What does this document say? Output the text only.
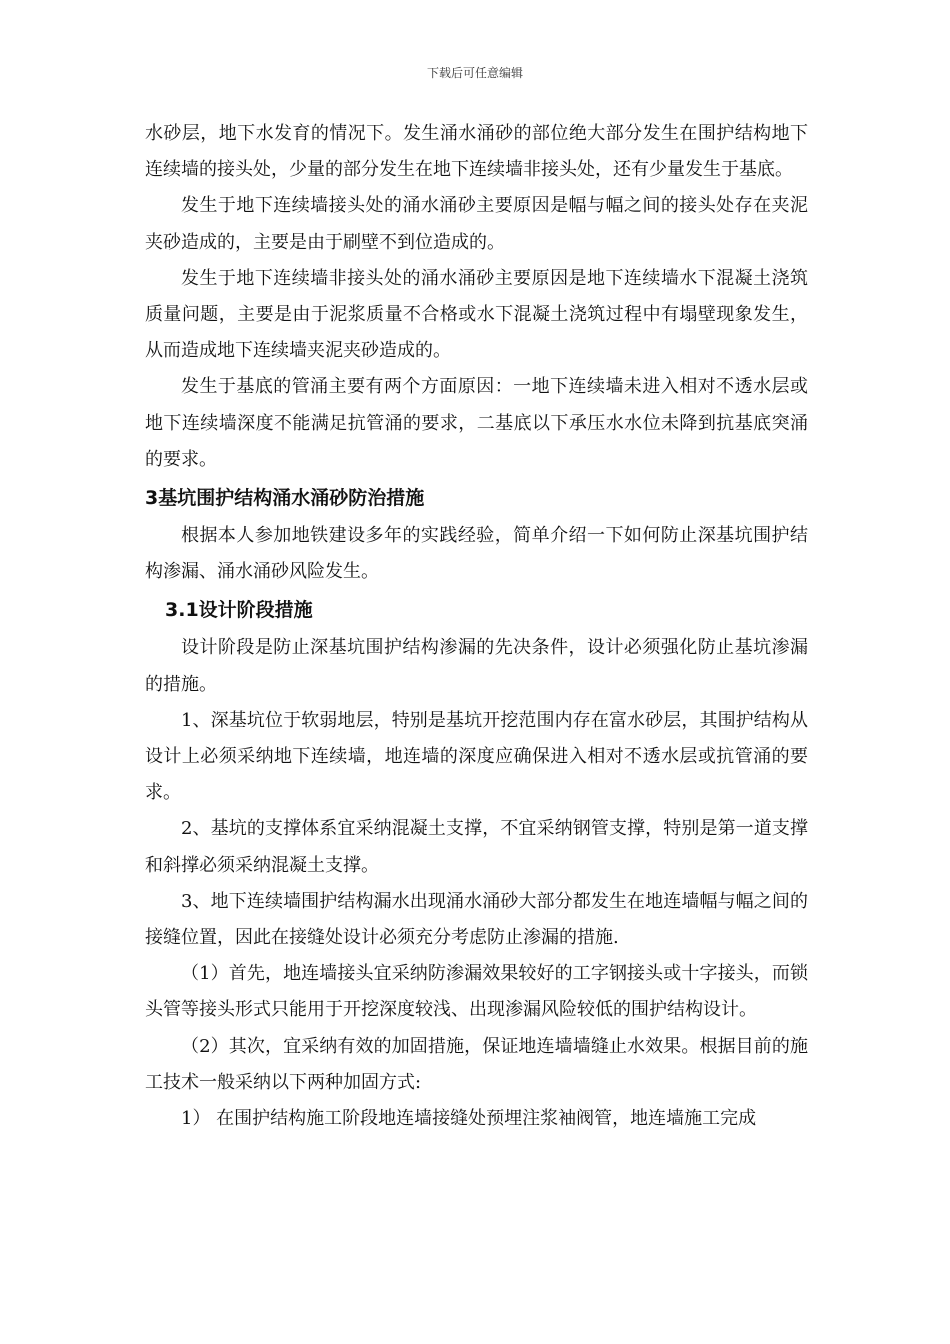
下载后可任意编辑

水砂层，地下水发育的情况下。发生涌水涌砂的部位绝大部分发生在围护结构地下连续墙的接头处，少量的部分发生在地下连续墙非接头处，还有少量发生于基底。

发生于地下连续墙接头处的涌水涌砂主要原因是幅与幅之间的接头处存在夹泥夹砂造成的，主要是由于刷壁不到位造成的。

发生于地下连续墙非接头处的涌水涌砂主要原因是地下连续墙水下混凝土浇筑质量问题，主要是由于泥浆质量不合格或水下混凝土浇筑过程中有塌壁现象发生，从而造成地下连续墙夹泥夹砂造成的。

发生于基底的管涌主要有两个方面原因：一地下连续墙未进入相对不透水层或地下连续墙深度不能满足抗管涌的要求，二基底以下承压水水位未降到抗基底突涌的要求。

3基坑围护结构涌水涌砂防治措施

根据本人参加地铁建设多年的实践经验，简单介绍一下如何防止深基坑围护结构渗漏、涌水涌砂风险发生。

3.1设计阶段措施

设计阶段是防止深基坑围护结构渗漏的先决条件，设计必须强化防止基坑渗漏的措施。

1、深基坑位于软弱地层，特别是基坑开挖范围内存在富水砂层，其围护结构从设计上必须采纳地下连续墙，地连墙的深度应确保进入相对不透水层或抗管涌的要求。

2、基坑的支撑体系宜采纳混凝土支撑，不宜采纳钢管支撑，特别是第一道支撑和斜撑必须采纳混凝土支撑。

3、地下连续墙围护结构漏水出现涌水涌砂大部分都发生在地连墙幅与幅之间的接缝位置，因此在接缝处设计必须充分考虑防止渗漏的措施.

（1）首先，地连墙接头宜采纳防渗漏效果较好的工字钢接头或十字接头，而锁头管等接头形式只能用于开挖深度较浅、出现渗漏风险较低的围护结构设计。

（2）其次，宜采纳有效的加固措施，保证地连墙墙缝止水效果。根据目前的施工技术一般采纳以下两种加固方式:

1） 在围护结构施工阶段地连墙接缝处预埋注浆袖阀管，地连墙施工完成
